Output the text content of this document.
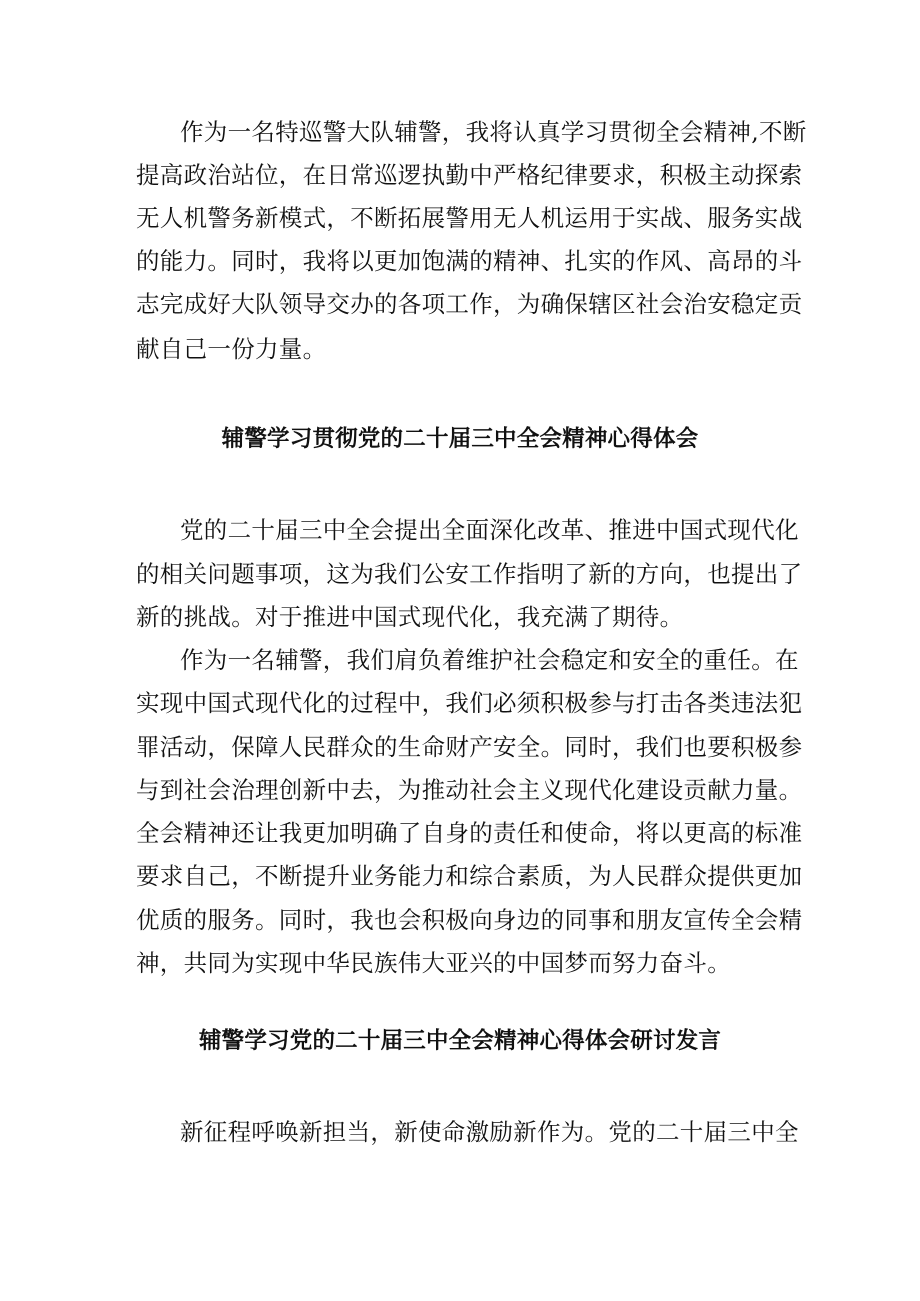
作为一名特巡警大队辅警，我将认真学习贯彻全会精神,不断
提高政治站位，在日常巡逻执勤中严格纪律要求，积极主动探索
无人机警务新模式，不断拓展警用无人机运用于实战、服务实战
的能力。同时，我将以更加饱满的精神、扎实的作风、高昂的斗
志完成好大队领导交办的各项工作，为确保辖区社会治安稳定贡
献自己一份力量。
辅警学习贯彻党的二十届三中全会精神心得体会
党的二十届三中全会提出全面深化改革、推进中国式现代化
的相关问题事项，这为我们公安工作指明了新的方向，也提出了
新的挑战。对于推进中国式现代化，我充满了期待。
作为一名辅警，我们肩负着维护社会稳定和安全的重任。在
实现中国式现代化的过程中，我们必须积极参与打击各类违法犯
罪活动，保障人民群众的生命财产安全。同时，我们也要积极参
与到社会治理创新中去，为推动社会主义现代化建设贡献力量。
全会精神还让我更加明确了自身的责任和使命，将以更高的标准
要求自己，不断提升业务能力和综合素质，为人民群众提供更加
优质的服务。同时，我也会积极向身边的同事和朋友宣传全会精
神，共同为实现中华民族伟大亚兴的中国梦而努力奋斗。
辅警学习党的二十届三中全会精神心得体会研讨发言
新征程呼唤新担当，新使命激励新作为。党的二十届三中全
